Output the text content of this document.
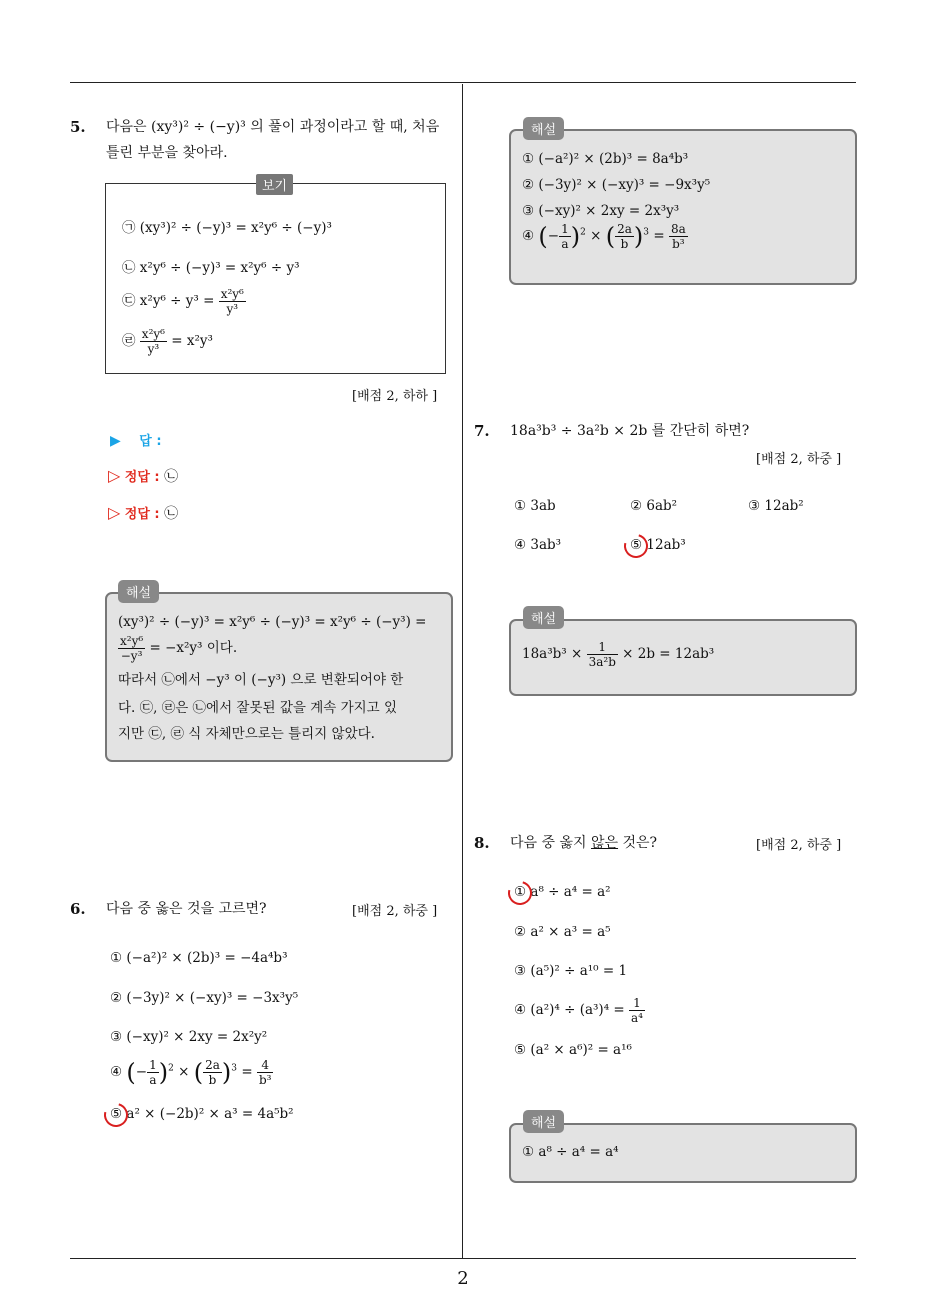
5. 다음은 (xy³)² ÷ (−y)³ 의 풀이 과정이라고 할 때, 처음
틀린 부분을 찾아라.
보기
㉠ (xy³)² ÷ (−y)³ = x²y⁶ ÷ (−y)³
㉡ x²y⁶ ÷ (−y)³ = x²y⁶ ÷ y³
㉢ $x^2y^6 \div y^3 = \frac{\text{x²y⁶}}{\text{y³}}$
㉣ $\frac{\text{x²y⁶}}{\text{y³}} = x^2y^3$
[배점 2, 하하 ]
▶ 답 :
▷ 정답 : ㉡
▷ 정답 : ㉡
해설
(xy³)² ÷ (−y)³ = x²y⁶ ÷ (−y)³ = x²y⁶ ÷ (−y³) =
$\frac{\text{x²y⁶}}{\text{−y³}} = -x^2y^3$ 이다.
따라서 ㉡에서 −y³ 이 (−y³) 으로 변환되어야 한
다. ㉢, ㉣은 ㉡에서 잘못된 값을 계속 가지고 있
지만 ㉢, ㉣ 식 자체만으로는 틀리지 않았다.
6. 다음 중 옳은 것을 고르면?	[배점 2, 하중 ]
① (−a²)² × (2b)³ = −4a⁴b³
② (−3y)² × (−xy)³ = −3x³y⁵
③ (−xy)² × 2xy = 2x²y²
④ (− $\frac{1}{a} )^2$ × ( $\frac{2a}{b} )^3 = \frac{4}{\text{b³}}$
⑤ a² × (−2b)² × a³ = 4a⁵b²
해설
① (−a²)² × (2b)³ = 8a⁴b³
② (−3y)² × (−xy)³ = −9x³y⁵
③ (−xy)² × 2xy = 2x³y³
④ (− $\frac{1}{a} )^2$ × ( $\frac{2a}{b} )^3 = \frac{8a}{\text{b³}}$
7. 18a³b³ ÷ 3a²b × 2b 를 간단히 하면?
[배점 2, 하중 ]
① 3ab	② 6ab²	③ 12ab²
④ 3ab³	⑤ 12ab³
해설
$18a^3b^3 \times \frac{1}{\text{3a²b}} \times 2b = 12ab^3$
8. 다음 중 옳지 않은 것은?	[배점 2, 하중 ]
① a⁸ ÷ a⁴ = a²
② a² × a³ = a⁵
③ (a⁵)² ÷ a¹⁰ = 1
④ $(a^2)^4 \div (a^3)^4 = \frac{1}{\text{a⁴}}$
⑤ (a² × a⁶)² = a¹⁶
해설
① a⁸ ÷ a⁴ = a⁴
2
